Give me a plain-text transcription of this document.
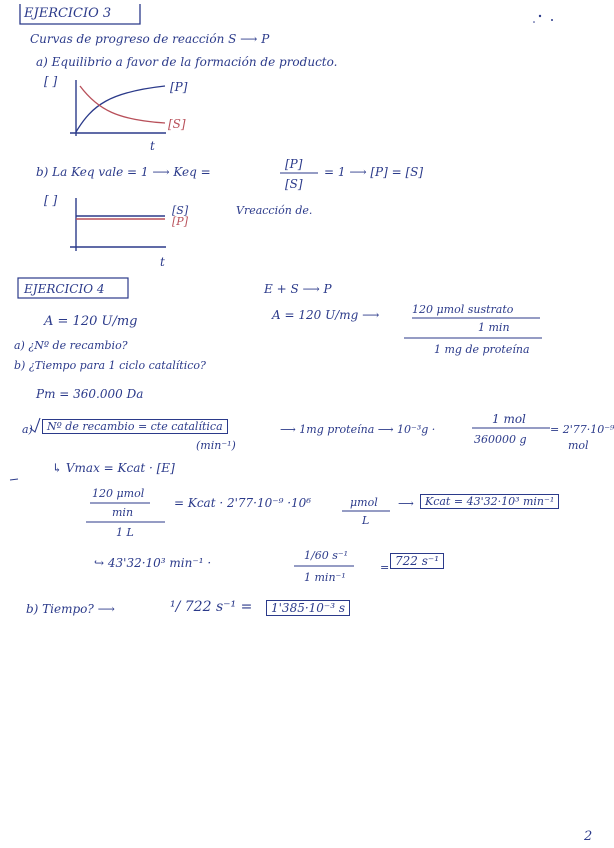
EJERCICIO 3
Curvas de progreso de reacción S ⟶ P
a) Equilibrio a favor de la formación de producto.
[ ]	[P]
[S]
t
b) La Keq vale = 1 ⟶ Keq =
[P]
[S]
= 1 ⟶ [P] = [S]
[ ]
[S]
[P]
Vreacción de.
t
EJERCICIO 4	E + S ⟶ P
A = 120 U/mg	A = 120 U/mg ⟶	120 μmol sustrato
1 min
1 mg de proteína
a) ¿Nº de recambio?
b) ¿Tiempo para 1 ciclo catalítico?
Pm = 360.000 Da
a)	Nº de recambio = cte catalítica
(min⁻¹)
⟶ 1mg proteína ⟶ 10⁻³g ·
1 mol
360000 g
= 2'77·10⁻⁹
mol
↳ Vmax = Kcat · [E]
120 μmol
min
1 L
= Kcat · 2'77·10⁻⁹ ·10⁶	μmol
L
⟶	Kcat = 43'32·10³ min⁻¹
↪ 43'32·10³ min⁻¹ ·
1/60 s⁻¹
1 min⁻¹
= 722 s⁻¹
b) Tiempo? ⟶	¹/ 722 s⁻¹ =	1'385·10⁻³ s
2
